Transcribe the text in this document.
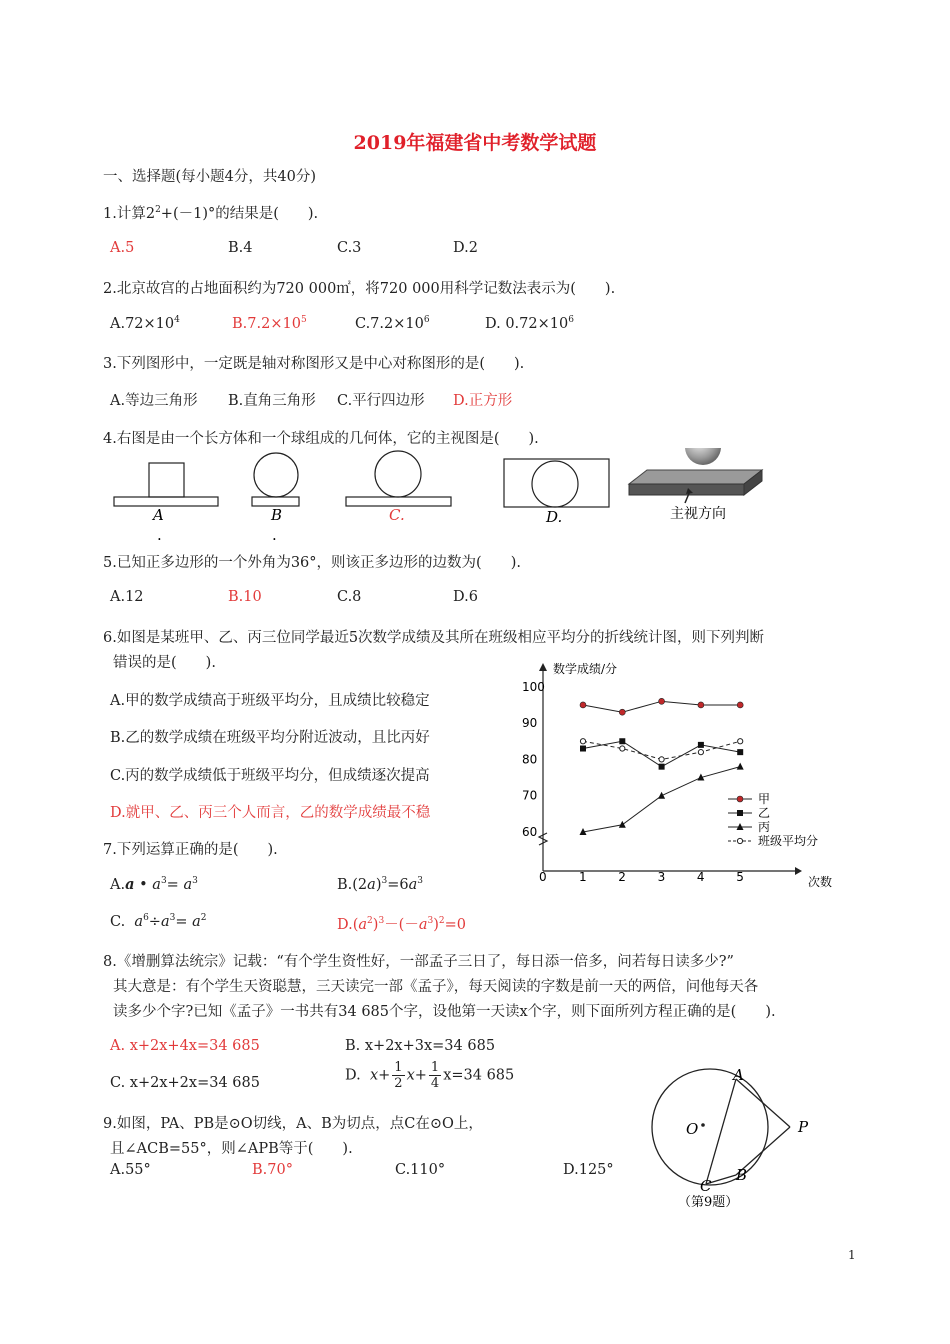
2019年福建省中考数学试题
一、选择题(每小题4分，共40分)
1.计算$2^2+(-1)^\circ$的结果是(　　).
A.5	B.4	C.3	D.2
2.北京故宫的占地面积约为720 000㎡，将720 000用科学记数法表示为(　　).
$A.72\times 10^4$	$B.7.2\times 10^5$	$C.7.2\times 10^6$	D. $0.72\times 10^6$
3.下列图形中，一定既是轴对称图形又是中心对称图形的是(　　).
A.等边三角形 B.直角三角形 C.平行四边形 D.正方形
4.右图是由一个长方体和一个球组成的几何体，它的主视图是(　　).
A
.
B
.
C.	D.	主视方向
5.已知正多边形的一个外角为36°，则该正多边形的边数为(　　).
A.12	B.10	C.8	D.6
6.如图是某班甲、乙、丙三位同学最近5次数学成绩及其所在班级相应平均分的折线统计图，则下列判断
错误的是(　　).
A.甲的数学成绩高于班级平均分，且成绩比较稳定
B.乙的数学成绩在班级平均分附近波动，且比丙好
C.丙的数学成绩低于班级平均分，但成绩逐次提高
D.就甲、乙、丙三个人而言，乙的数学成绩最不稳
数学成绩/分
次数
60
70
80
90
100
0	1	2	3	4	5
甲
乙
丙
班级平均分
7.下列运算正确的是(　　).
A.a • $a^3= a^3$	$B.(2a)^3=6a^3$
C. $a^6\div a^3= a^2$	$D.(a^2)^3-(-a^3)^2=0$
8.《增删算法统宗》记载：“有个学生资性好，一部孟子三日了，每日添一倍多，问若每日读多少?”
其大意是：有个学生天资聪慧，三天读完一部《孟子》，每天阅读的字数是前一天的两倍，问他每天各
读多少个字?已知《孟子》一书共有34 685个字，设他第一天读x个字，则下面所列方程正确的是(　　).
A. x+2x+4x=34 685	B. x+2x+3x=34 685
C. x+2x+2x=34 685	D. $x+ \frac{1}{2} x+ \frac{1}{4} x=34$ 685
9.如图，PA、PB是⊙O切线，A、B为切点，点C在⊙O上，
且∠ACB=55°，则∠APB等于(　　).
A.55°	B.70°	C.110°	D.125°
A
O	P
B
C
（第9题）
1
